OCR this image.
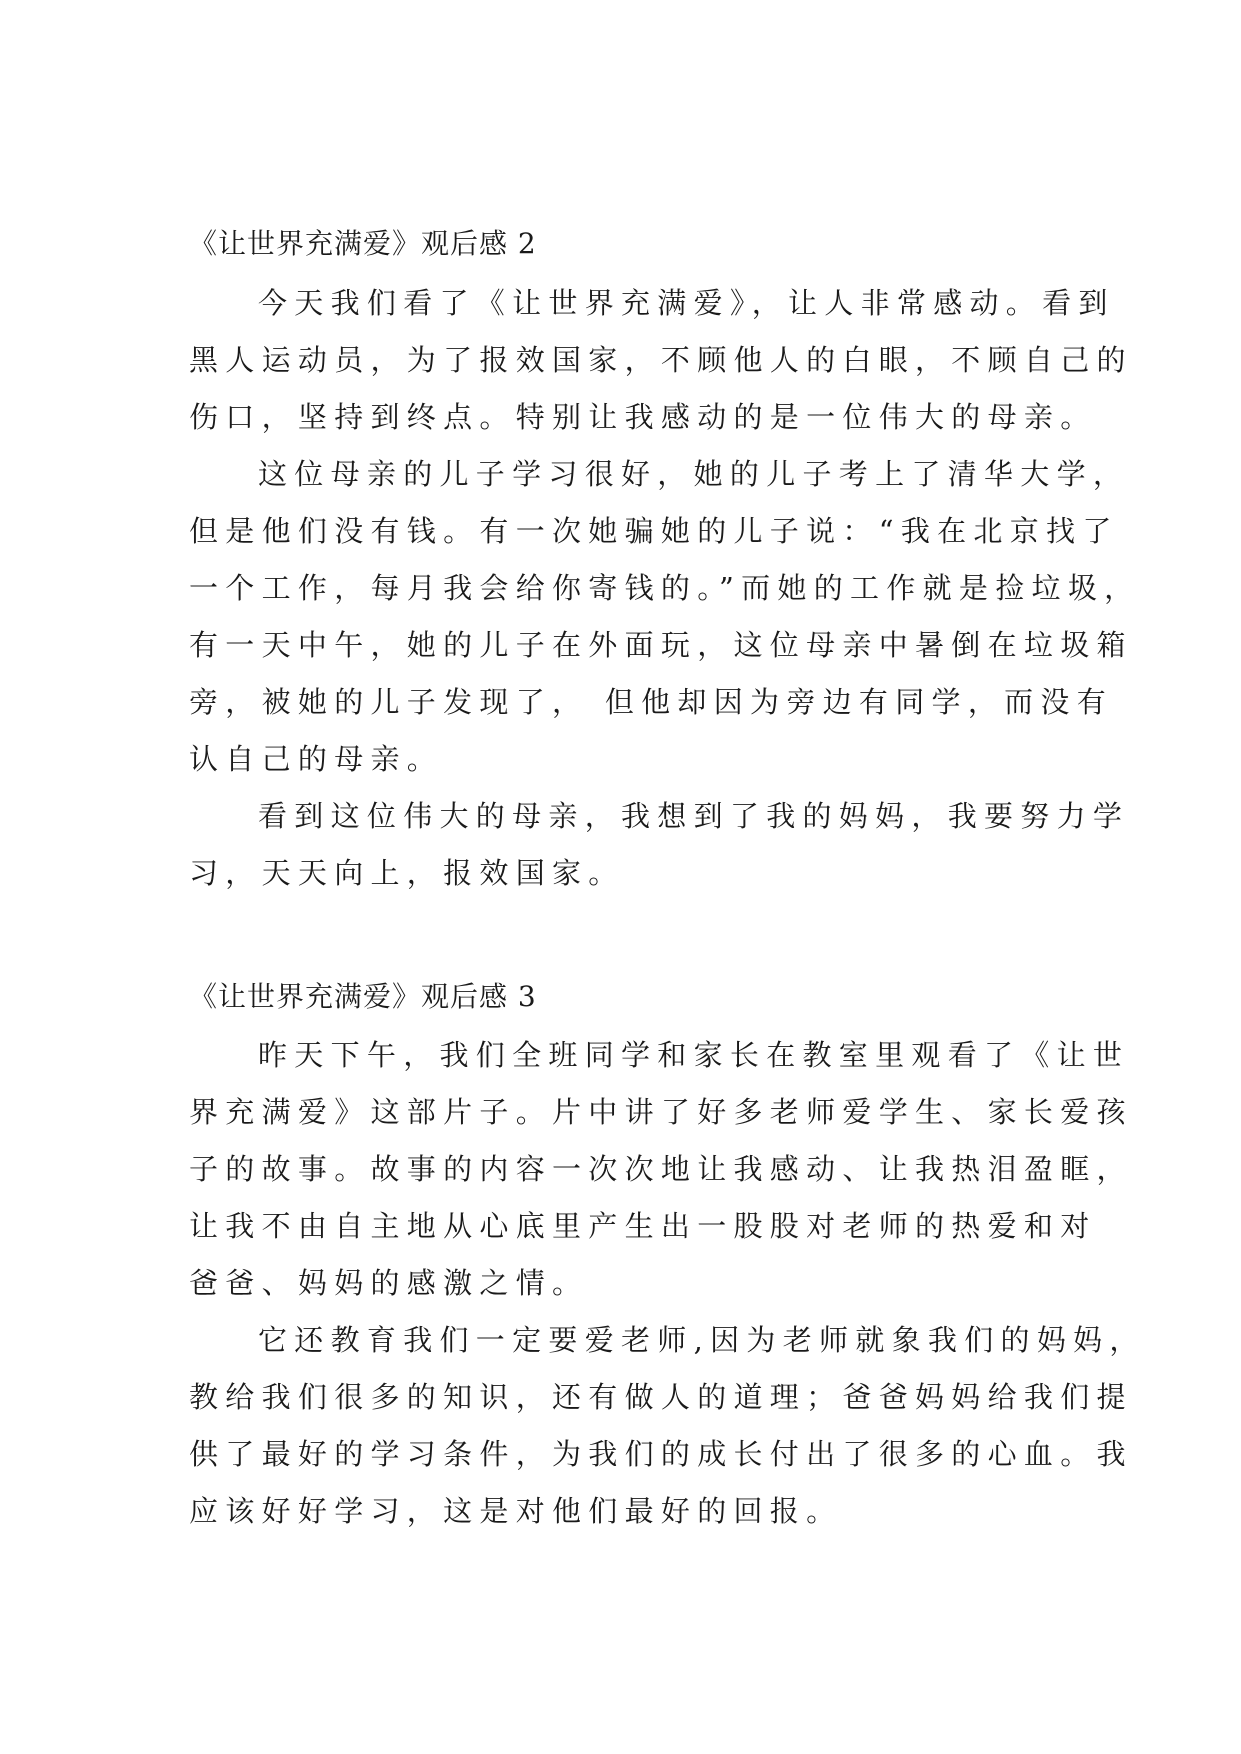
《让世界充满爱》观后感 2
今天我们看了《让世界充满爱》，让人非常感动。看到
黑人运动员，为了报效国家，不顾他人的白眼，不顾自己的
伤口，坚持到终点。特别让我感动的是一位伟大的母亲。
这位母亲的儿子学习很好，她的儿子考上了清华大学，
但是他们没有钱。有一次她骗她的儿子说：“我在北京找了
一个工作，每月我会给你寄钱的。”而她的工作就是捡垃圾，
有一天中午，她的儿子在外面玩，这位母亲中暑倒在垃圾箱
旁，被她的儿子发现了， 但他却因为旁边有同学，而没有
认自己的母亲。
看到这位伟大的母亲，我想到了我的妈妈，我要努力学
习，天天向上，报效国家。
《让世界充满爱》观后感 3
昨天下午，我们全班同学和家长在教室里观看了《让世
界充满爱》这部片子。片中讲了好多老师爱学生、家长爱孩
子的故事。故事的内容一次次地让我感动、让我热泪盈眶，
让我不由自主地从心底里产生出一股股对老师的热爱和对
爸爸、妈妈的感激之情。
它还教育我们一定要爱老师,因为老师就象我们的妈妈，
教给我们很多的知识，还有做人的道理；爸爸妈妈给我们提
供了最好的学习条件，为我们的成长付出了很多的心血。我
应该好好学习，这是对他们最好的回报。
